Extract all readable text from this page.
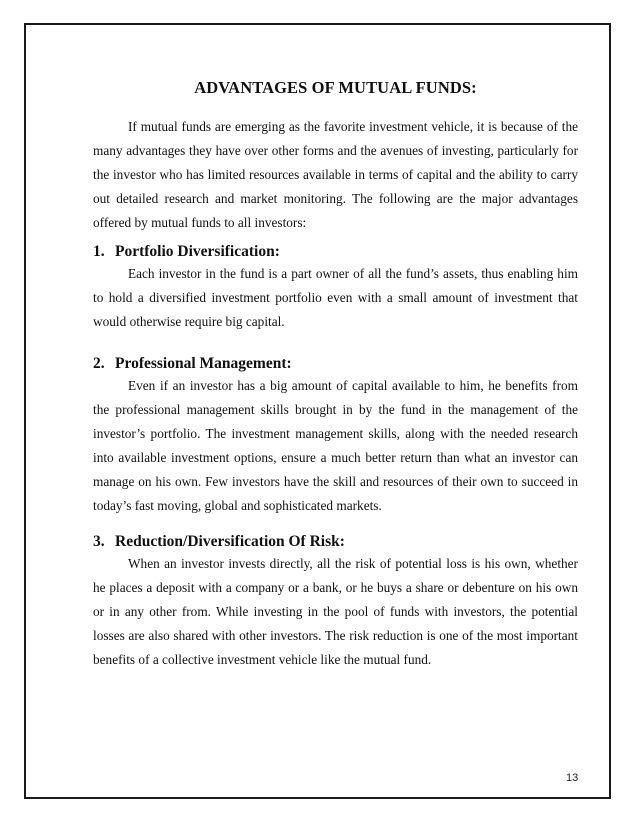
ADVANTAGES OF MUTUAL FUNDS:

If mutual funds are emerging as the favorite investment vehicle, it is because of the many advantages they have over other forms and the avenues of investing, particularly for the investor who has limited resources available in terms of capital and the ability to carry out detailed research and market monitoring. The following are the major advantages offered by mutual funds to all investors:

1. Portfolio Diversification:

Each investor in the fund is a part owner of all the fund’s assets, thus enabling him to hold a diversified investment portfolio even with a small amount of investment that would otherwise require big capital.

2. Professional Management:

Even if an investor has a big amount of capital available to him, he benefits from the professional management skills brought in by the fund in the management of the investor’s portfolio. The investment management skills, along with the needed research into available investment options, ensure a much better return than what an investor can manage on his own. Few investors have the skill and resources of their own to succeed in today’s fast moving, global and sophisticated markets.

3. Reduction/Diversification Of Risk:

When an investor invests directly, all the risk of potential loss is his own, whether he places a deposit with a company or a bank, or he buys a share or debenture on his own or in any other from. While investing in the pool of funds with investors, the potential losses are also shared with other investors. The risk reduction is one of the most important benefits of a collective investment vehicle like the mutual fund.

13
